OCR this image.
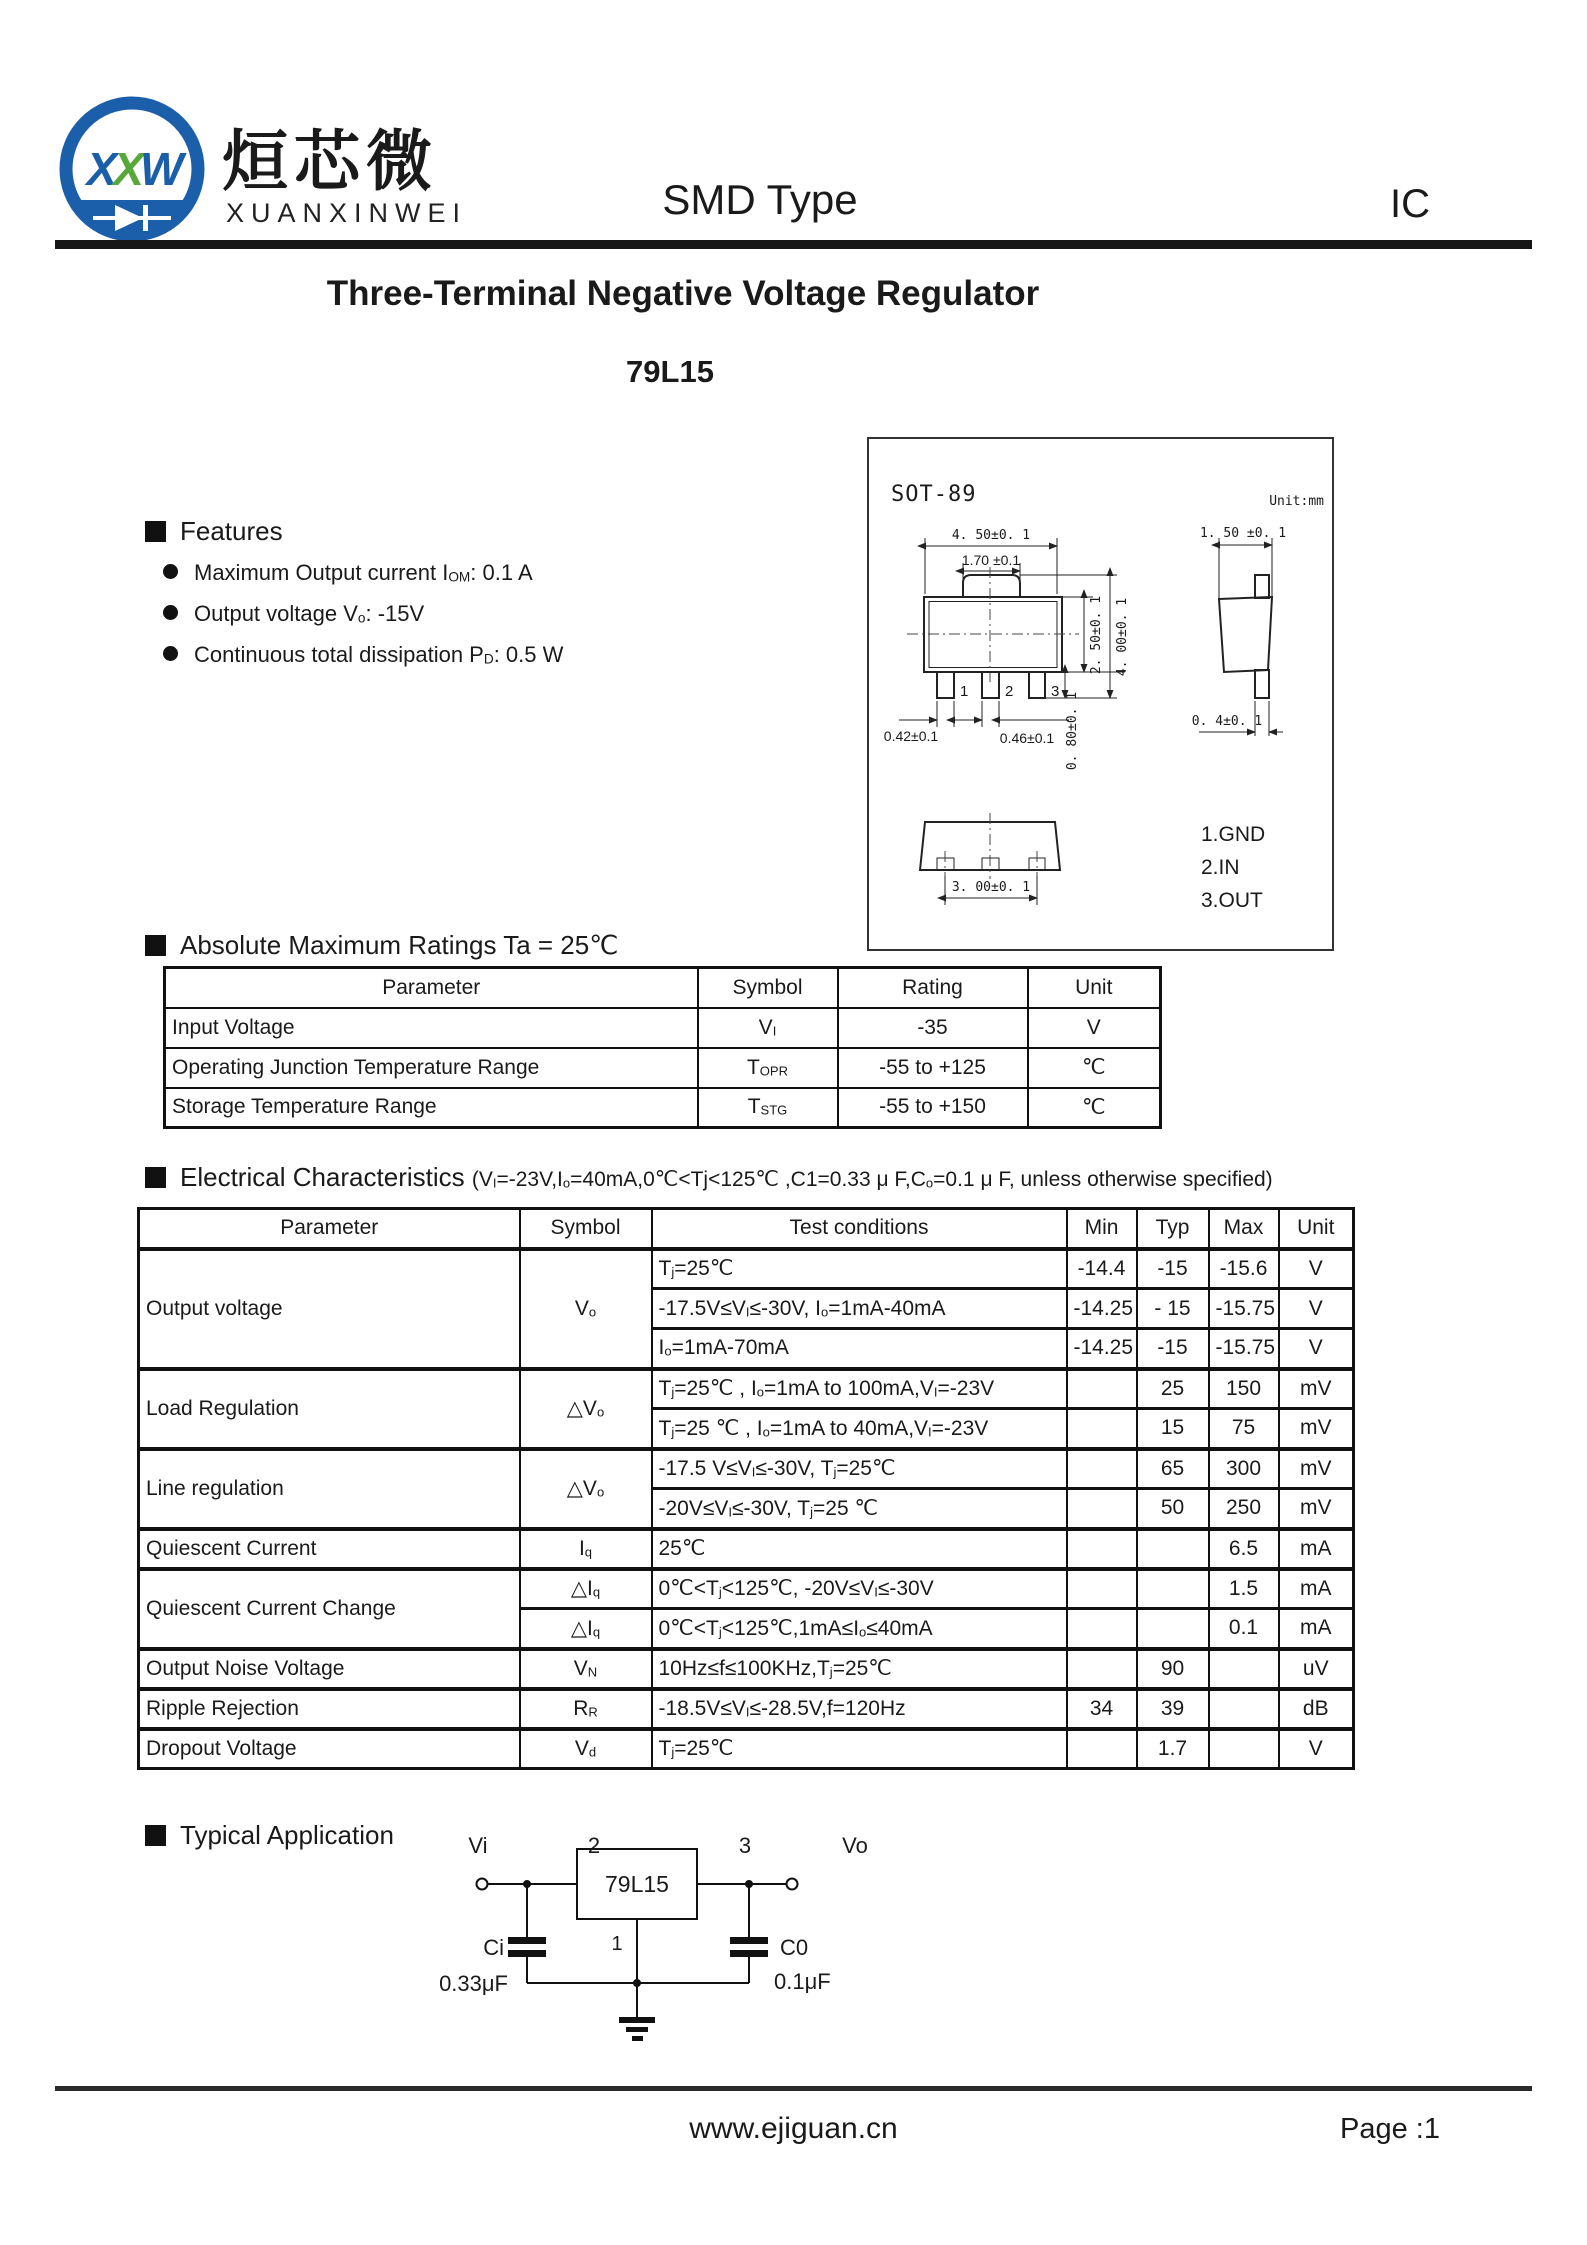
XXW 烜芯微
XUANXINWEI	SMD Type	IC
Three-Terminal Negative Voltage Regulator
79L15
Features
Maximum Output current $I_{OM}$: 0.1 A
Output voltage $V_o$: -15V
Continuous total dissipation $P_D$: 0.5 W
SOT-89	Unit:mm
4. 50±0. 1
1.70 ±0.1
1 2	3
2. 50±0. 1 4. 00±0. 1
0.42±0.1	0.46±0.1 0. 80±0. 1
3. 00±0. 1
1.GND
2.IN
3.OUT
1. 50 ±0. 1
0. 4±0. 1
Absolute Maximum Ratings Ta = 25℃
Parameter	Symbol	Rating	Unit
Input Voltage	$V_I$	-35	V
Operating Junction Temperature Range	$T_{OPR}$	-55 to +125	℃
Storage Temperature Range	$T_{STG}$	-55 to +150	℃
Electrical Characteristics ($V_I=-23V,I_o=40mA,0℃<Tj<125℃$ ,C1=0.33 μ $F,C_o=0.1$ μ F, unless otherwise specified)
Parameter	Symbol	Test conditions	Min	Typ	Max	Unit
Output voltage	$V_o$	$T_j=25℃$	-14.4	-15	-15.6	V
		$-17.5V\le V_I\le-30V$, $I_o=1mA-40mA$	-14.25	- 15	-15.75	V
		$I_o=1mA-70mA$	-14.25	-15	-15.75	V
Load Regulation	$\triangle V_o$	$T_j=25℃$ , $I_o=1mA$ to $100mA,V_I=-23V$		25	150	mV
		$T_j=25$ ℃ , $I_o=1mA$ to $40mA,V_I=-23V$		15	75	mV
Line regulation	$\triangle V_o$	-17.5 $V\le V_I\le-30V$, $T_j=25℃$		65	300	mV
		$-20V\le V_I\le-30V$, $T_j=25$ ℃		50	250	mV
Quiescent Current	$I_q$	25℃			6.5	mA
Quiescent Current Change	$\triangle I_q$	$0℃<T_j<125℃$, $-20V\le V_I\le-30V$			1.5	mA
	$\triangle I_q$	$0℃<T_j<125℃,1mA\le I_o\le 40mA$			0.1	mA
Output Noise Voltage	$V_N$	$10Hz\le f\le 100KHz,T_j=25℃$		90		uV
Ripple Rejection	$R_R$	$-18.5V\le V_I\le-28.5V,f=120Hz$	34	39		dB
Dropout Voltage	$V_d$	$T_j=25℃$		1.7		V
Typical Application	Vi	2	3	Vo
79L15
1
Ci
0.33μF
C0
0.1μF
www.ejiguan.cn	Page :1
